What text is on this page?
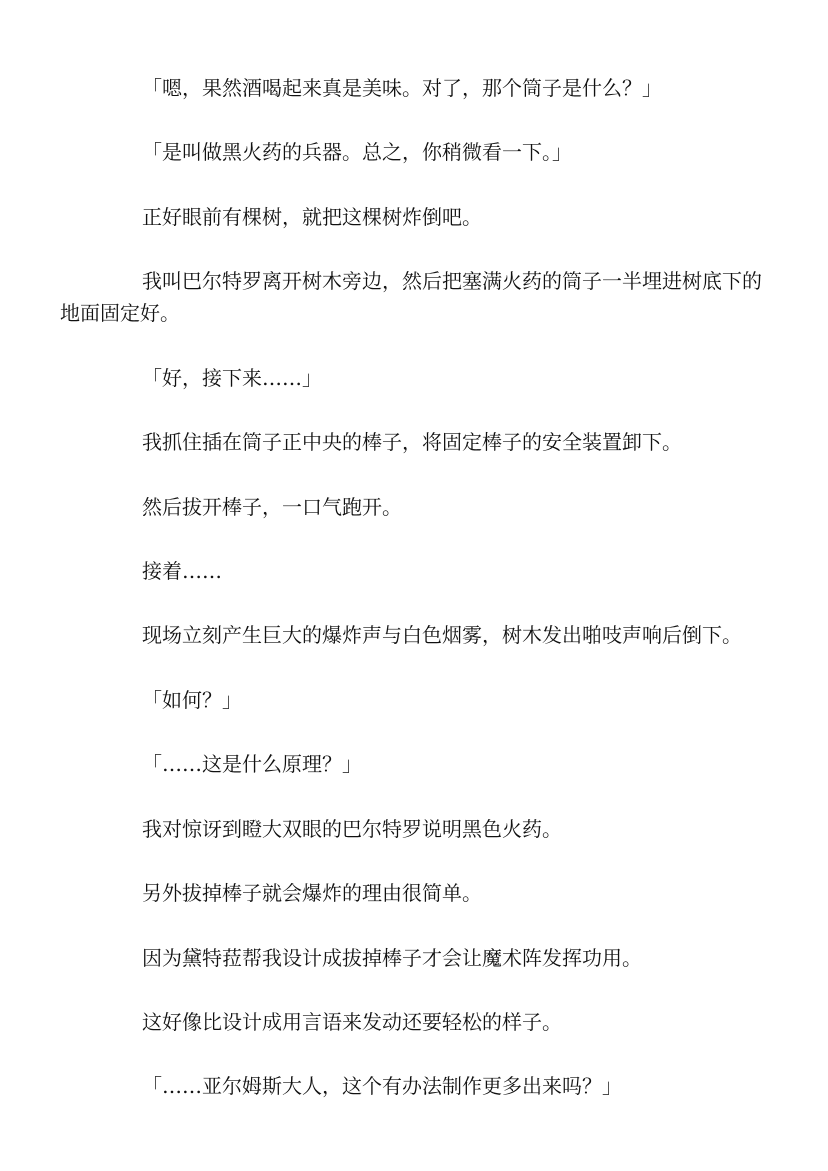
「嗯，果然酒喝起来真是美味。对了，那个筒子是什么？」

「是叫做黑火药的兵器。总之，你稍微看一下。」

正好眼前有棵树，就把这棵树炸倒吧。

我叫巴尔特罗离开树木旁边，然后把塞满火药的筒子一半埋进树底下的地面固定好。

「好，接下来……」

我抓住插在筒子正中央的棒子，将固定棒子的安全装置卸下。

然后拔开棒子，一口气跑开。

接着……

现场立刻产生巨大的爆炸声与白色烟雾，树木发出啪吱声响后倒下。

「如何？」

「……这是什么原理？」

我对惊讶到瞪大双眼的巴尔特罗说明黑色火药。

另外拔掉棒子就会爆炸的理由很简单。

因为黛特菈帮我设计成拔掉棒子才会让魔术阵发挥功用。

这好像比设计成用言语来发动还要轻松的样子。

「……亚尔姆斯大人，这个有办法制作更多出来吗？」
